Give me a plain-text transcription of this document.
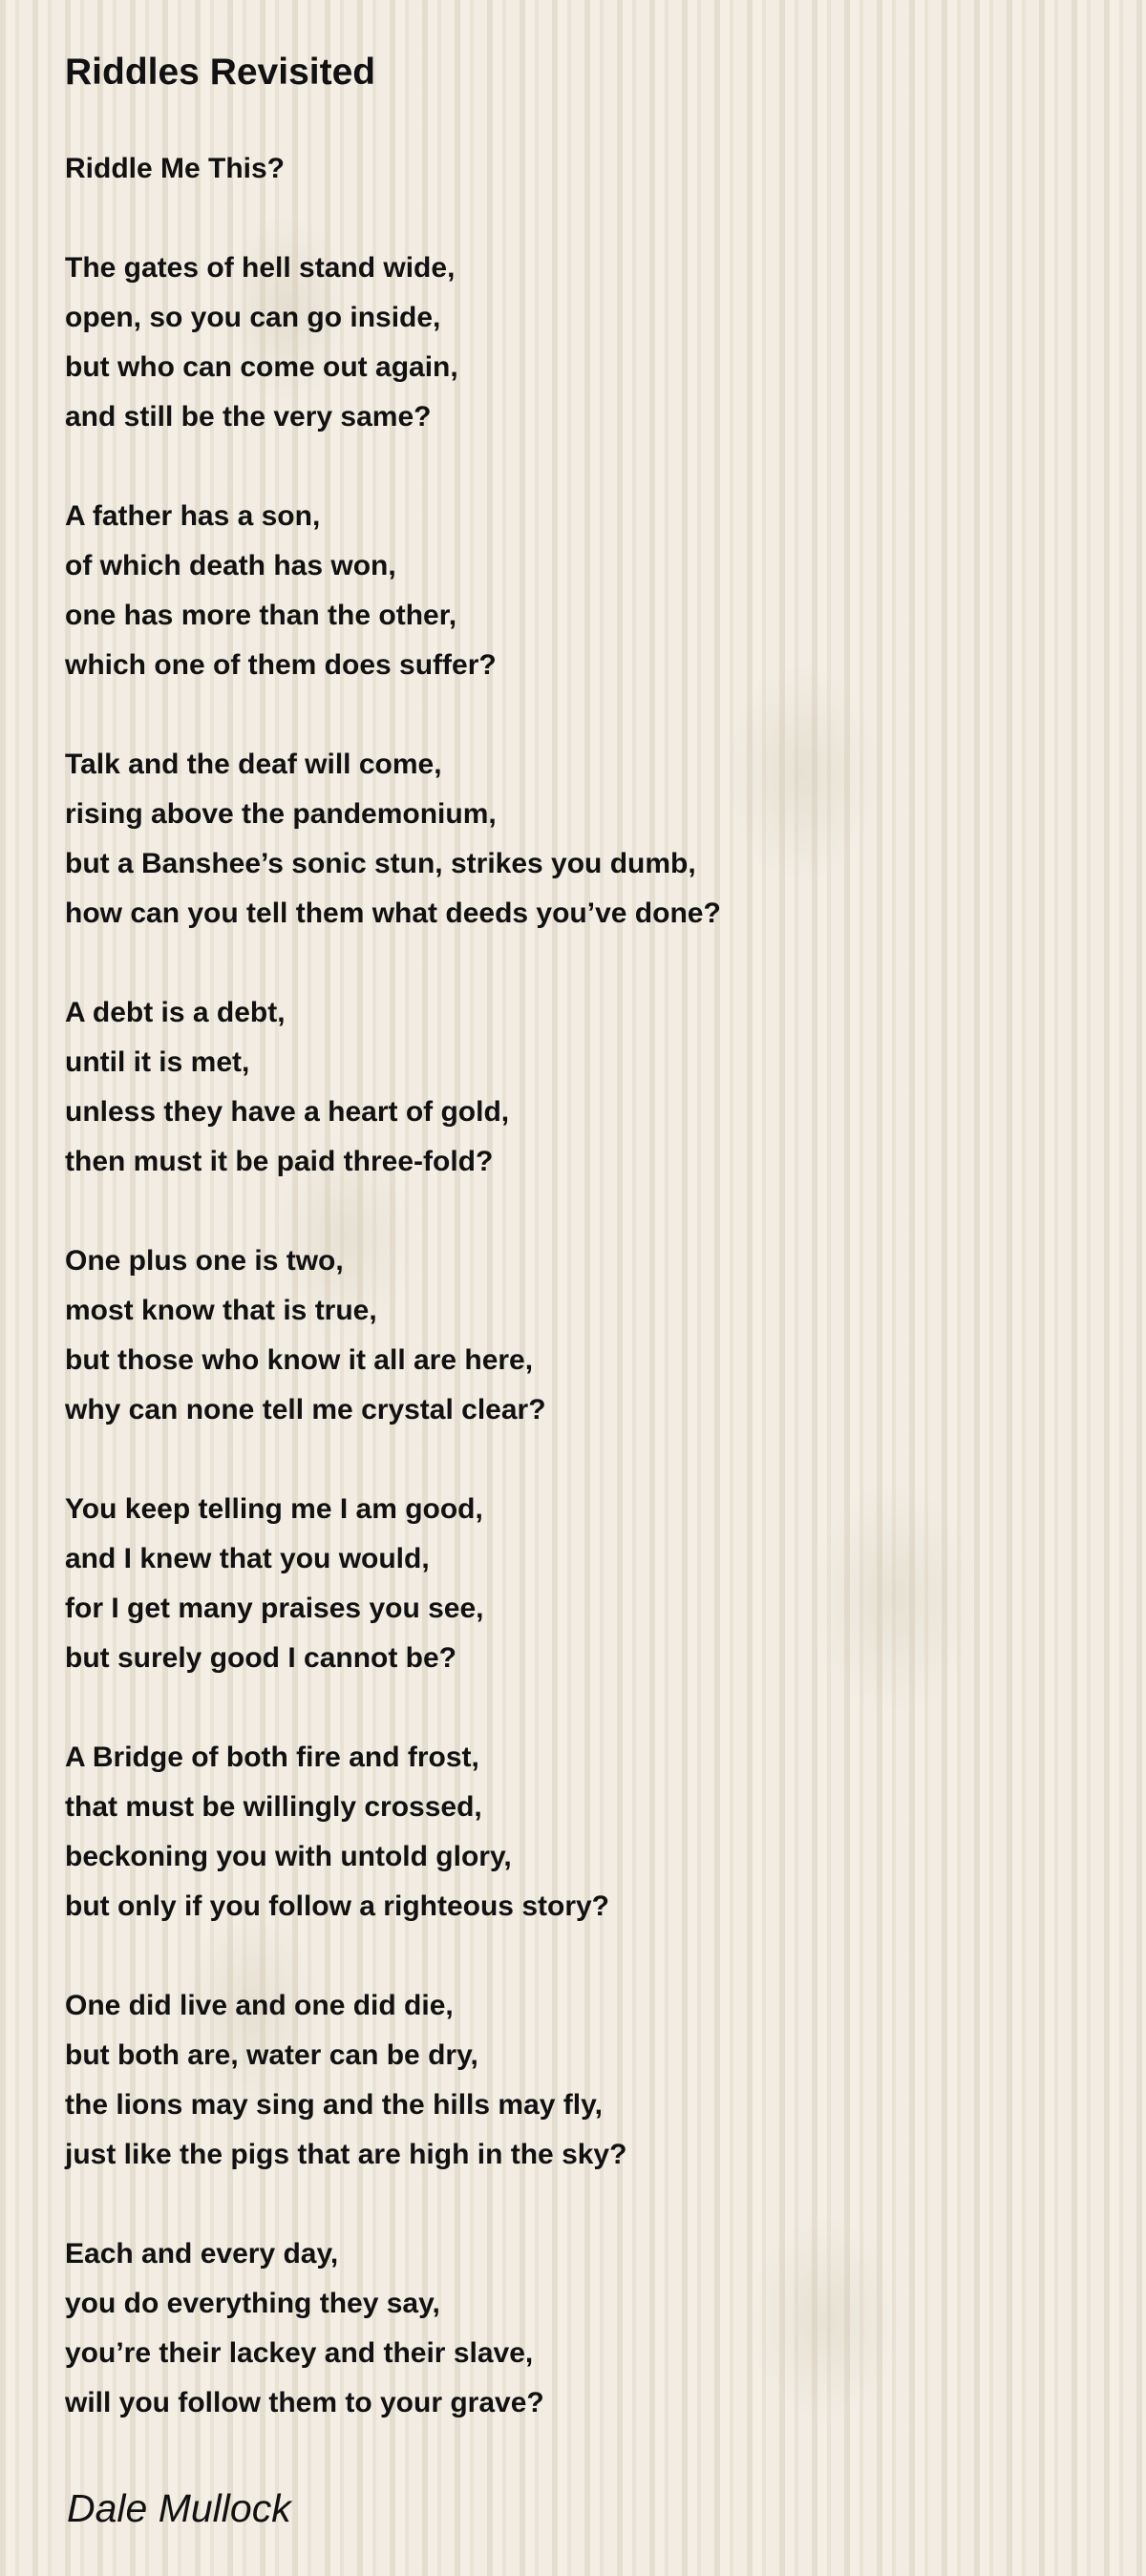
Riddles Revisited
Riddle Me This?
The gates of hell stand wide,
open, so you can go inside,
but who can come out again,
and still be the very same?
A father has a son,
of which death has won,
one has more than the other,
which one of them does suffer?
Talk and the deaf will come,
rising above the pandemonium,
but a Banshee’s sonic stun, strikes you dumb,
how can you tell them what deeds you’ve done?
A debt is a debt,
until it is met,
unless they have a heart of gold,
then must it be paid three-fold?
One plus one is two,
most know that is true,
but those who know it all are here,
why can none tell me crystal clear?
You keep telling me I am good,
and I knew that you would,
for I get many praises you see,
but surely good I cannot be?
A Bridge of both fire and frost,
that must be willingly crossed,
beckoning you with untold glory,
but only if you follow a righteous story?
One did live and one did die,
but both are, water can be dry,
the lions may sing and the hills may fly,
just like the pigs that are high in the sky?
Each and every day,
you do everything they say,
you’re their lackey and their slave,
will you follow them to your grave?
Dale Mullock
